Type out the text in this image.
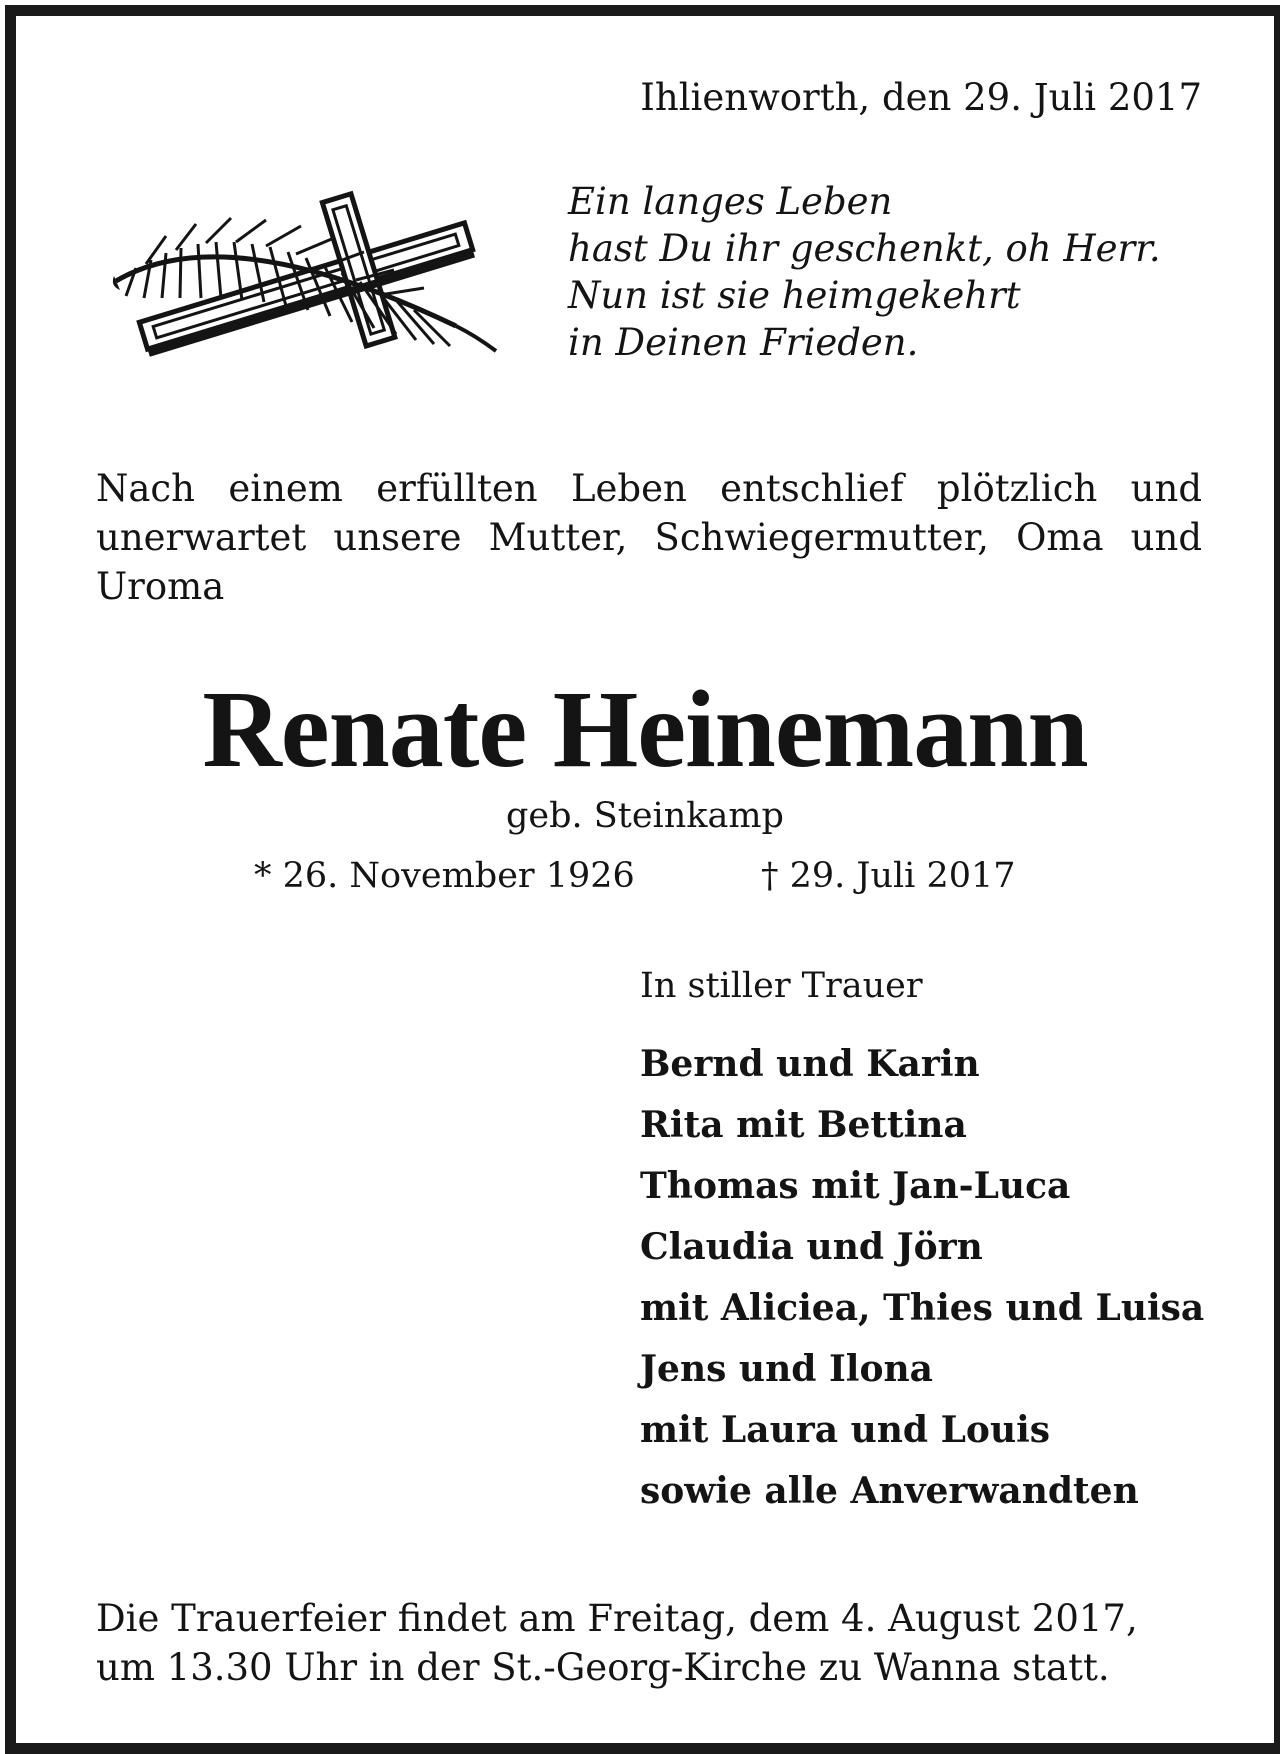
Ihlienworth, den 29. Juli 2017
Ein langes Leben
hast Du ihr geschenkt, oh Herr.
Nun ist sie heimgekehrt
in Deinen Frieden.
Nach einem erfüllten Leben entschlief plötzlich und unerwartet unsere Mutter, Schwiegermutter, Oma und Uroma
Renate Heinemann
geb. Steinkamp
* 26. November 1926	† 29. Juli 2017
In stiller Trauer
Bernd und Karin
Rita mit Bettina
Thomas mit Jan-Luca
Claudia und Jörn
mit Aliciea, Thies und Luisa
Jens und Ilona
mit Laura und Louis
sowie alle Anverwandten
Die Trauerfeier findet am Freitag, dem 4. August 2017,
um 13.30 Uhr in der St.-Georg-Kirche zu Wanna statt.
